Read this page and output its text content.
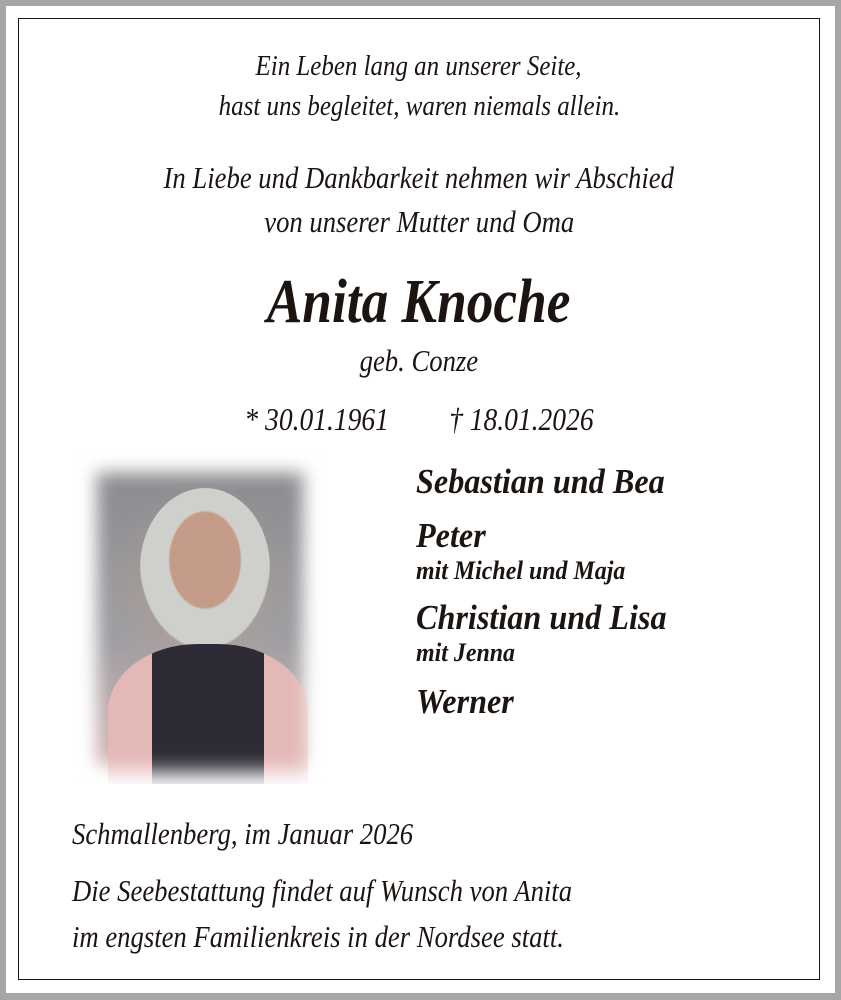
Ein Leben lang an unserer Seite,
hast uns begleitet, waren niemals allein.
In Liebe und Dankbarkeit nehmen wir Abschied
von unserer Mutter und Oma
Anita Knoche
geb. Conze
* 30.01.1961 † 18.01.2026
Sebastian und Bea
Peter
mit Michel und Maja
Christian und Lisa
mit Jenna
Werner
Schmallenberg, im Januar 2026
Die Seebestattung findet auf Wunsch von Anita
im engsten Familienkreis in der Nordsee statt.
